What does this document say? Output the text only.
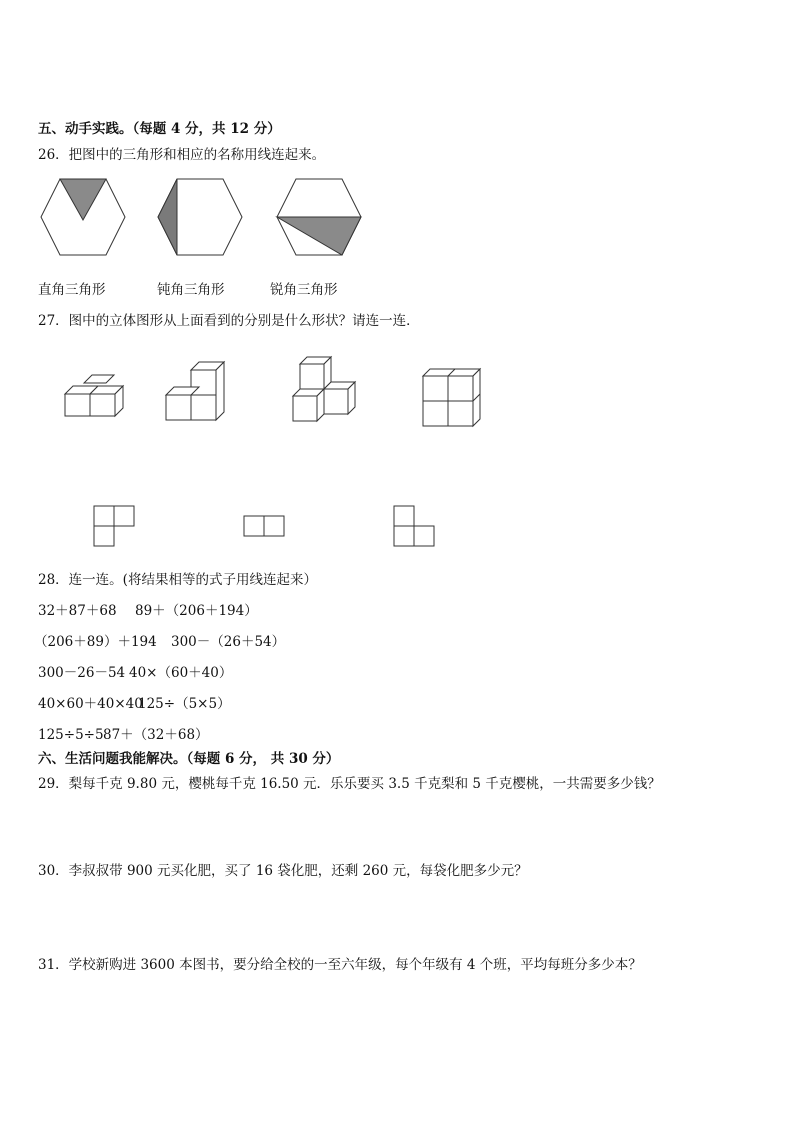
五、动手实践。（每题 4 分，共 12 分）
26．把图中的三角形和相应的名称用线连起来。
直角三角形	钝角三角形	锐角三角形
27．图中的立体图形从上面看到的分别是什么形状？请连一连．
28．连一连。(将结果相等的式子用线连起来）
32＋87＋68 89＋（206＋194）
（206＋89）＋194 300－（26＋54）
300－26－54 40×（60＋40）
40×60＋40×40
125÷（5×5）
125÷5÷5 87＋（32＋68）
六、生活问题我能解决。（每题 6 分， 共 30 分）
29．梨每千克 9.80 元，樱桃每千克 16.50 元．乐乐要买 3.5 千克梨和 5 千克樱桃，一共需要多少钱？
30．李叔叔带 900 元买化肥，买了 16 袋化肥，还剩 260 元，每袋化肥多少元？
31．学校新购进 3600 本图书，要分给全校的一至六年级，每个年级有 4 个班，平均每班分多少本？
